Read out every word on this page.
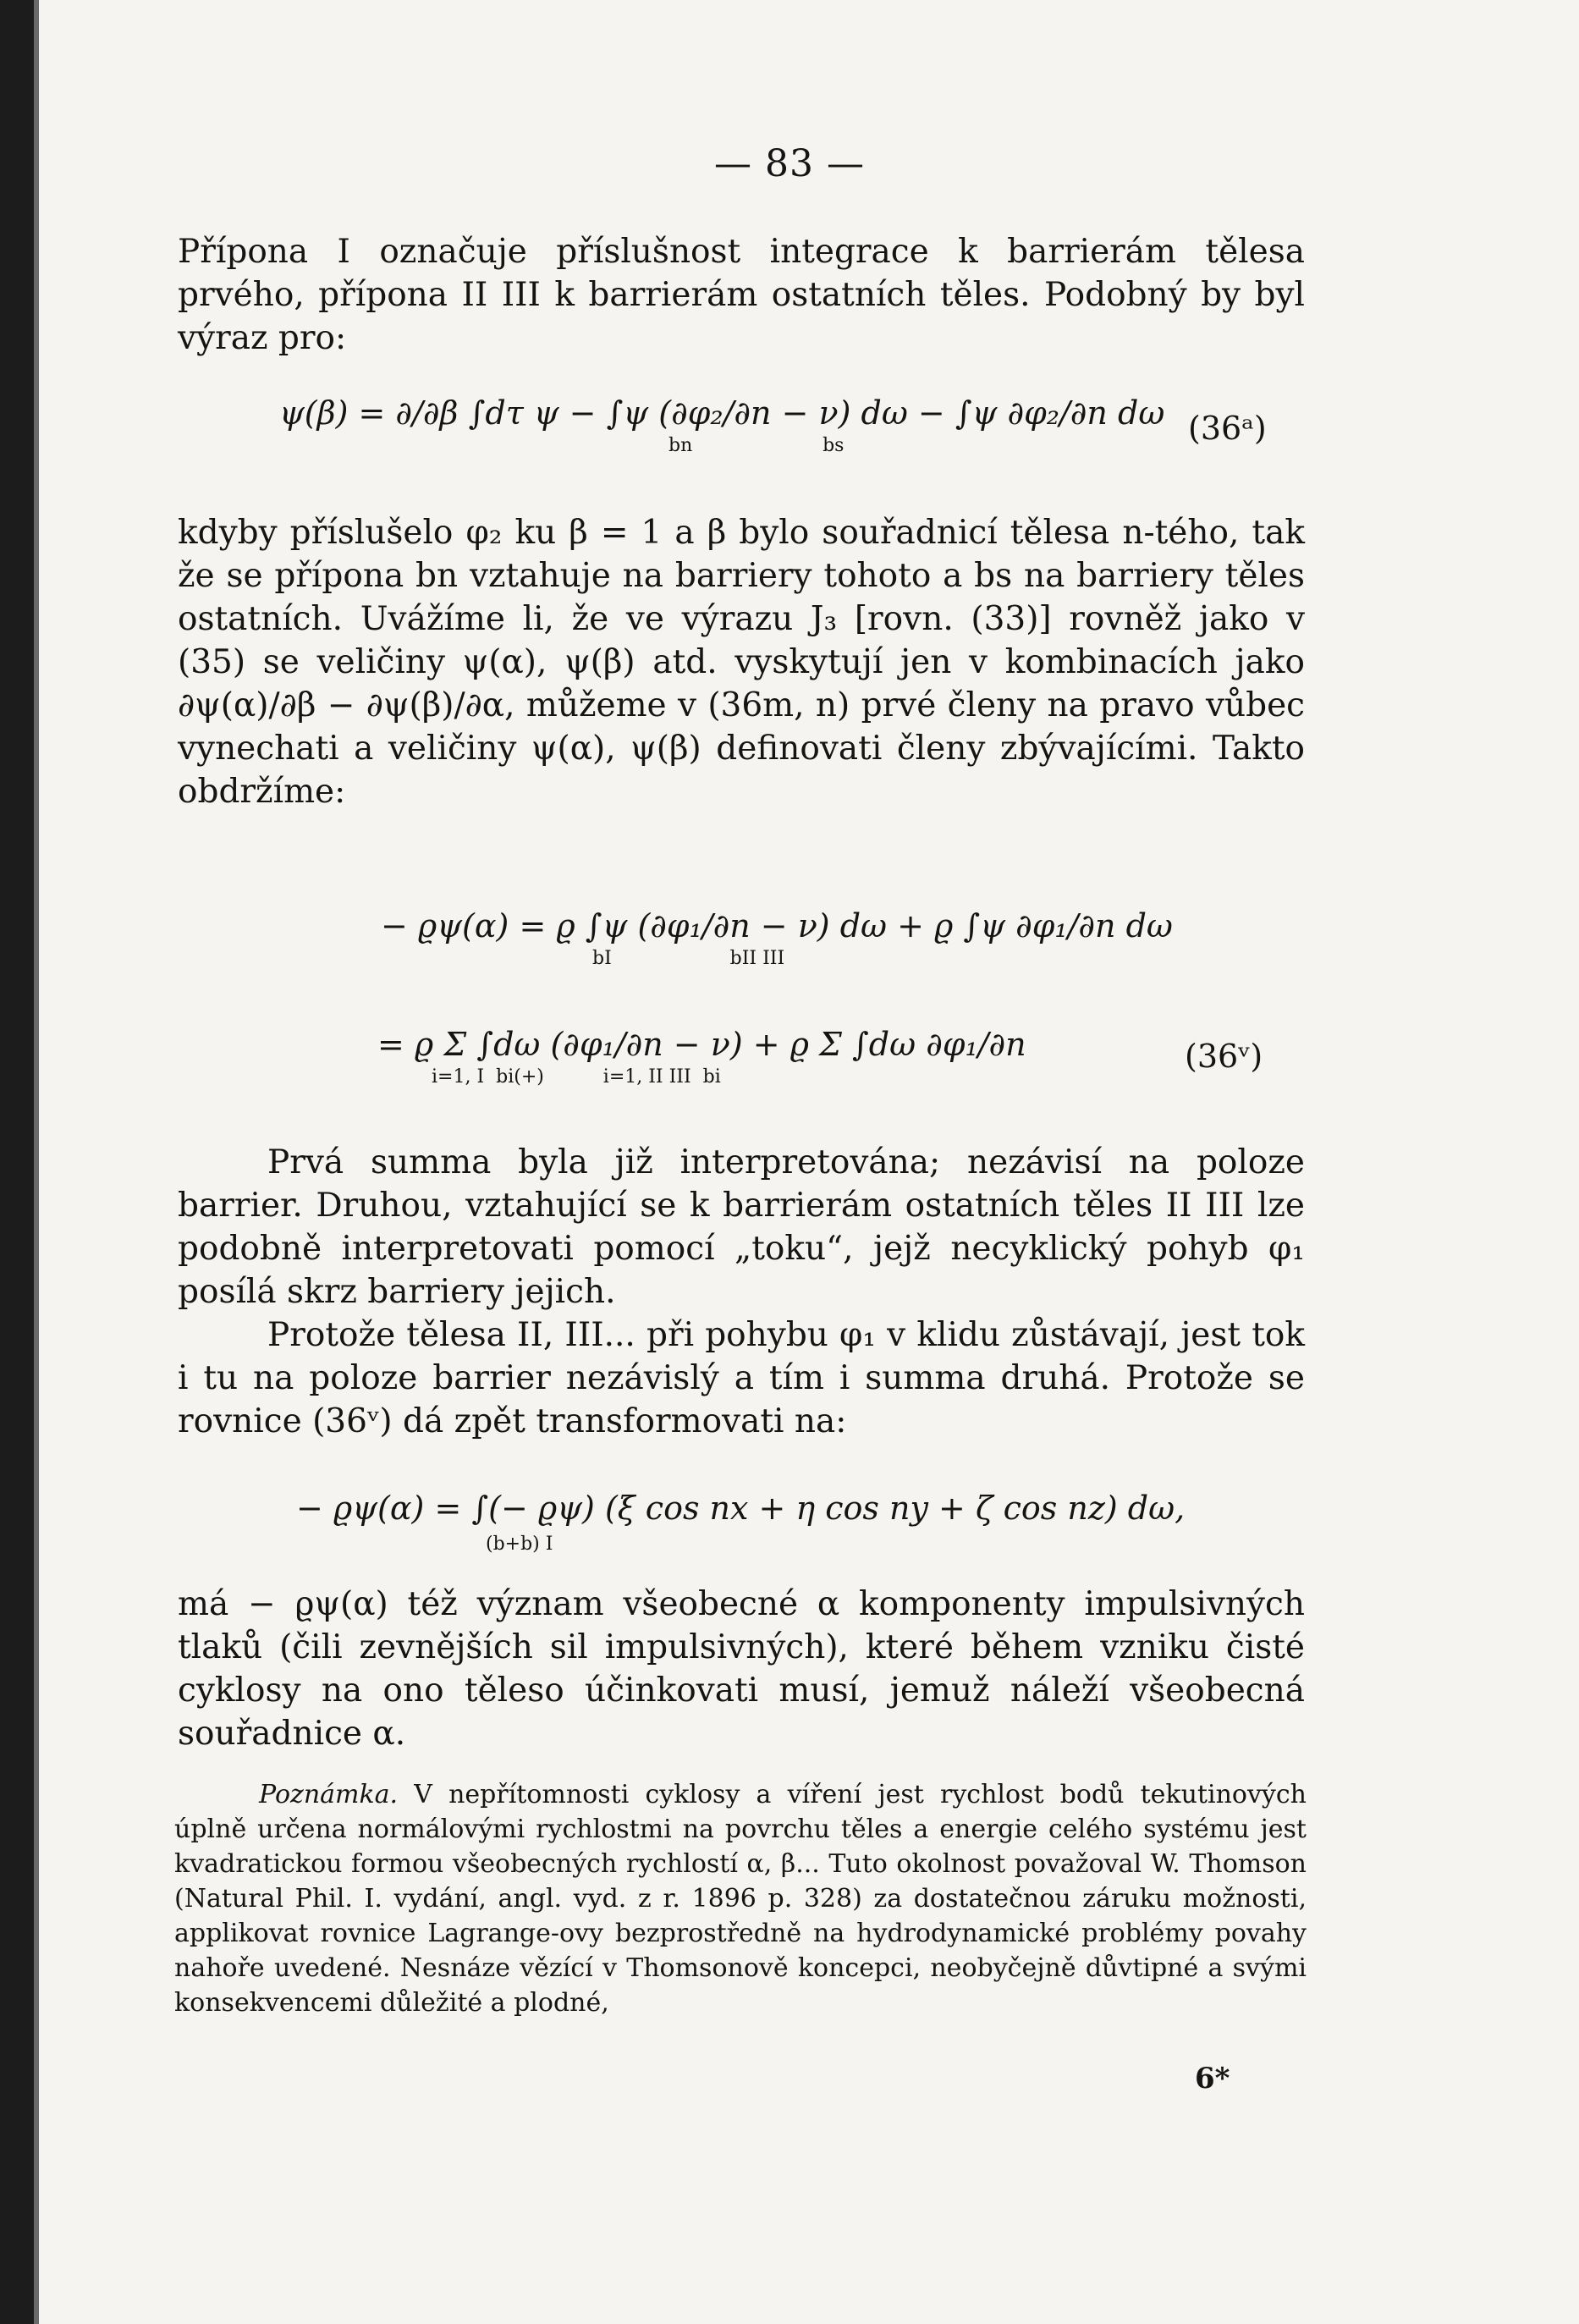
— 83 —

Přípona I označuje příslušnost integrace k barrierám tělesa prvého, přípona II III k barrierám ostatních těles. Podobný by byl výraz pro:

ψ(β) = ∂/∂β ∫dτ ψ − ∫ψ (∂φ₂/∂n − ν) dω − ∫ψ ∂φ₂/∂n dω
bn                      bs	(36ᵃ)

kdyby příslušelo φ₂ ku β = 1 a β bylo souřadnicí tělesa n-tého, tak že se přípona bn vztahuje na barriery tohoto a bs na barriery těles ostatních. Uvážíme li, že ve výrazu J₃ [rovn. (33)] rovněž jako v (35) se veličiny ψ(α), ψ(β) atd. vyskytují jen v kombinacích jako ∂ψ(α)/∂β − ∂ψ(β)/∂α, můžeme v (36m, n) prvé členy na pravo vůbec vynechati a veličiny ψ(α), ψ(β) definovati členy zbývajícími. Takto obdržíme:

− ϱψ(α) = ϱ ∫ψ (∂φ₁/∂n − ν) dω + ϱ ∫ψ ∂φ₁/∂n dω
bI                    bII III
= ϱ Σ ∫dω (∂φ₁/∂n − ν) + ϱ Σ ∫dω ∂φ₁/∂n
i=1, I  bi(+)          i=1, II III  bi
(36ᵛ)

Prvá summa byla již interpretována; nezávisí na poloze barrier. Druhou, vztahující se k barrierám ostatních těles II III lze podobně interpretovati pomocí „toku“, jejž necyklický pohyb φ₁ posílá skrz barriery jejich.

Protože tělesa II, III... při pohybu φ₁ v klidu zůstávají, jest tok i tu na poloze barrier nezávislý a tím i summa druhá. Protože se rovnice (36ᵛ) dá zpět transformovati na:

− ϱψ(α) = ∫(− ϱψ) (ξ cos nx + η cos ny + ζ cos nz) dω,
(b+b) I

má − ϱψ(α) též význam všeobecné α komponenty impulsivných tlaků (čili zevnějších sil impulsivných), které během vzniku čisté cyklosy na ono těleso účinkovati musí, jemuž náleží všeobecná souřadnice α.

Poznámka. V nepřítomnosti cyklosy a víření jest rychlost bodů tekutinových úplně určena normálovými rychlostmi na povrchu těles a energie celého systému jest kvadratickou formou všeobecných rychlostí α, β... Tuto okolnost považoval W. Thomson (Natural Phil. I. vydání, angl. vyd. z r. 1896 p. 328) za dostatečnou záruku možnosti, applikovat rovnice Lagrange-ovy bezprostředně na hydrodynamické problémy povahy nahoře uvedené. Nesnáze vězící v Thomsonově koncepci, neobyčejně důvtipné a svými konsekvencemi důležité a plodné,

6*
